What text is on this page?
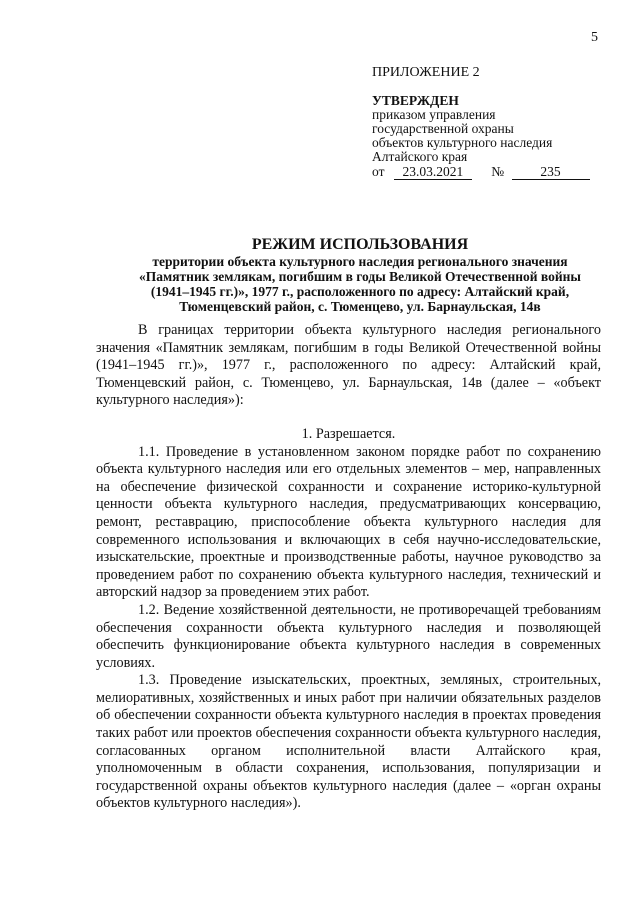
5
ПРИЛОЖЕНИЕ 2
УТВЕРЖДЕН
приказом управления
государственной охраны
объектов культурного наследия
Алтайского края
от 23.03.2021 №	235
РЕЖИМ ИСПОЛЬЗОВАНИЯ
территории объекта культурного наследия регионального значения
«Памятник землякам, погибшим в годы Великой Отечественной войны
(1941–1945 гг.)», 1977 г., расположенного по адресу: Алтайский край,
Тюменцевский район, с. Тюменцево, ул. Барнаульская, 14в

В границах территории объекта культурного наследия регионального значения «Памятник землякам, погибшим в годы Великой Отечественной войны (1941–1945 гг.)», 1977 г., расположенного по адресу: Алтайский край, Тюменцевский район, с. Тюменцево, ул. Барнаульская, 14в (далее – «объект культурного наследия»):

1. Разрешается.

1.1. Проведение в установленном законом порядке работ по сохранению объекта культурного наследия или его отдельных элементов – мер, направленных на обеспечение физической сохранности и сохранение историко-культурной ценности объекта культурного наследия, предусматривающих консервацию, ремонт, реставрацию, приспособление объекта культурного наследия для современного использования и включающих в себя научно-исследовательские, изыскательские, проектные и производственные работы, научное руководство за проведением работ по сохранению объекта культурного наследия, технический и авторский надзор за проведением этих работ.

1.2. Ведение хозяйственной деятельности, не противоречащей требованиям обеспечения сохранности объекта культурного наследия и позволяющей обеспечить функционирование объекта культурного наследия в современных условиях.

1.3. Проведение изыскательских, проектных, земляных, строительных, мелиоративных, хозяйственных и иных работ при наличии обязательных разделов об обеспечении сохранности объекта культурного наследия в проектах проведения таких работ или проектов обеспечения сохранности объекта культурного наследия, согласованных органом исполнительной власти Алтайского края, уполномоченным в области сохранения, использования, популяризации и государственной охраны объектов культурного наследия (далее – «орган охраны объектов культурного наследия»).
